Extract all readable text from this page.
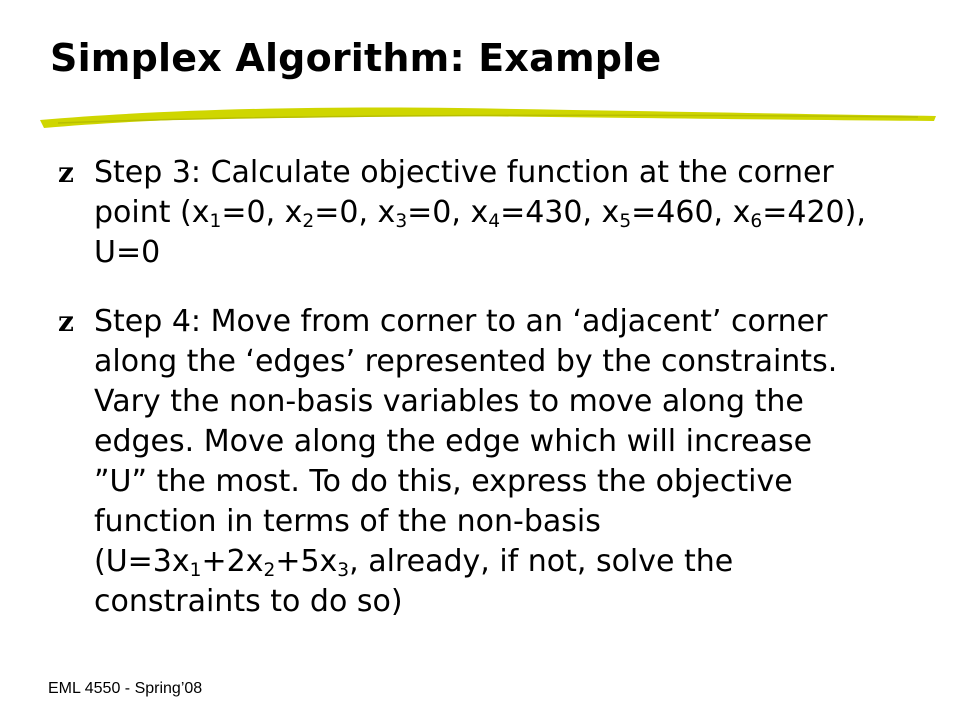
Simplex Algorithm: Example
z Step 3: Calculate objective function at the corner point ($x_1=0$, $x_2=0$, $x_3=0$, $x_4=430$, $x_5=460$, $x_6=420$), U=0
z Step 4: Move from corner to an ‘adjacent’ corner along the ‘edges’ represented by the constraints. Vary the non-basis variables to move along the edges. Move along the edge which will increase ”U” the most. To do this, express the objective function in terms of the non-basis ($U=3x_1+2x_2+5x_3$, already, if not, solve the constraints to do so)
EML 4550 - Spring’08
